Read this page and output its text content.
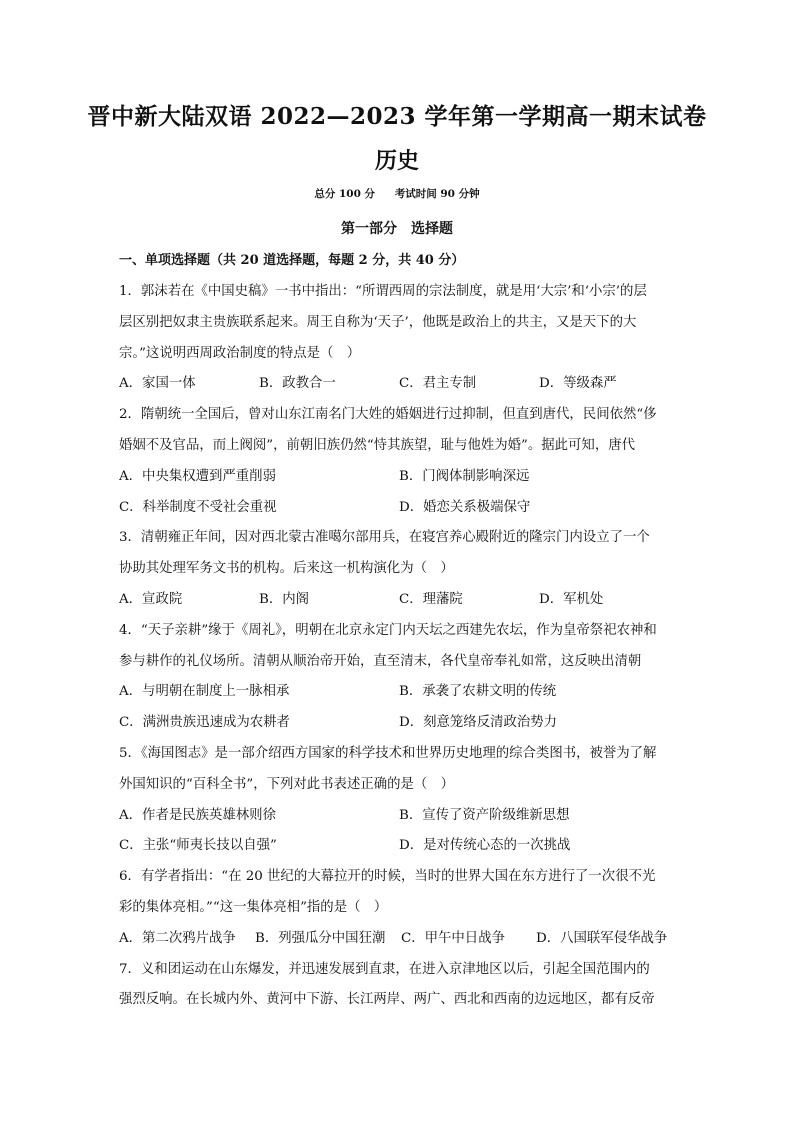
晋中新大陆双语 2022—2023 学年第一学期高一期末试卷
历史
总分 100 分 考试时间 90 分钟
第一部分　选择题
一、单项选择题（共 20 道选择题，每题 2 分，共 40 分）
1．郭沫若在《中国史稿》一书中指出：“所谓西周的宗法制度，就是用‘大宗’和‘小宗’的层
层区别把奴隶主贵族联系起来。周王自称为‘天子’，他既是政治上的共主，又是天下的大
宗。”这说明西周政治制度的特点是（　）
A．家国一体	B．政教合一	C．君主专制	D．等级森严
2．隋朝统一全国后，曾对山东江南名门大姓的婚姻进行过抑制，但直到唐代，民间依然“侈
婚姻不及官品，而上阀阅”，前朝旧族仍然“恃其族望，耻与他姓为婚”。据此可知，唐代
A．中央集权遭到严重削弱	B．门阀体制影响深远
C．科举制度不受社会重视	D．婚恋关系极端保守
3．清朝雍正年间，因对西北蒙古准噶尔部用兵，在寝宫养心殿附近的隆宗门内设立了一个
协助其处理军务文书的机构。后来这一机构演化为（　）
A．宣政院	B．内阁	C．理藩院	D．军机处
4．“天子亲耕”缘于《周礼》，明朝在北京永定门内天坛之西建先农坛，作为皇帝祭祀农神和
参与耕作的礼仪场所。清朝从顺治帝开始，直至清末，各代皇帝奉礼如常，这反映出清朝
A．与明朝在制度上一脉相承	B．承袭了农耕文明的传统
C．满洲贵族迅速成为农耕者	D．刻意笼络反清政治势力
5．《海国图志》是一部介绍西方国家的科学技术和世界历史地理的综合类图书，被誉为了解
外国知识的“百科全书”，下列对此书表述正确的是（　）
A．作者是民族英雄林则徐	B．宣传了资产阶级维新思想
C．主张“师夷长技以自强”	D．是对传统心态的一次挑战
6．有学者指出：“在 20 世纪的大幕拉开的时候，当时的世界大国在东方进行了一次很不光
彩的集体亮相。”“这一集体亮相”指的是（　）
A．第二次鸦片战争	B．列强瓜分中国狂潮	C．甲午中日战争	D．八国联军侵华战争
7．义和团运动在山东爆发，并迅速发展到直隶，在进入京津地区以后，引起全国范围内的
强烈反响。在长城内外、黄河中下游、长江两岸、两广、西北和西南的边远地区，都有反帝
